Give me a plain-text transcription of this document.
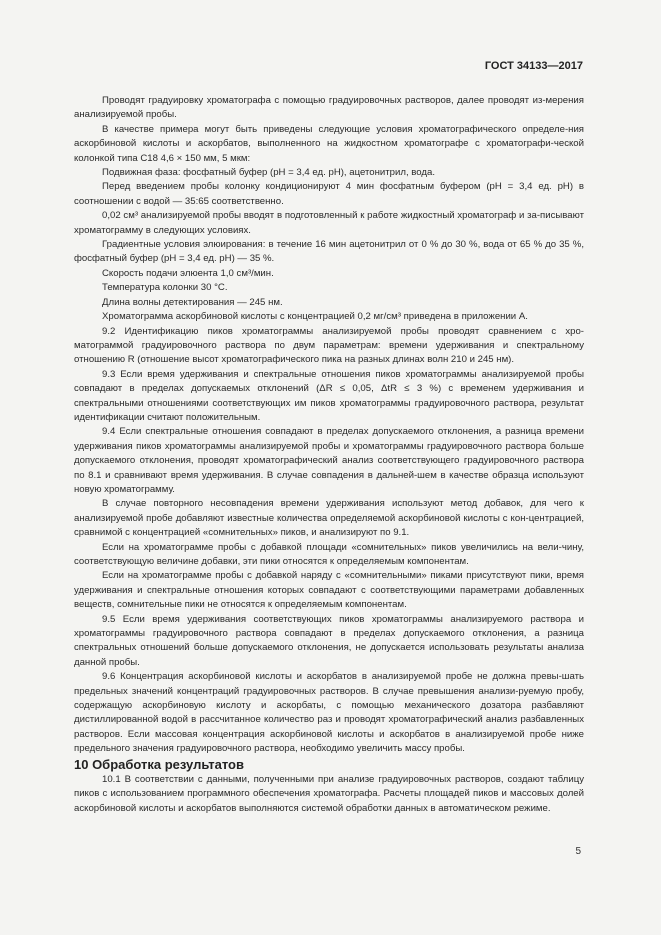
ГОСТ 34133—2017

Проводят градуировку хроматографа с помощью градуировочных растворов, далее проводят из-мерения анализируемой пробы.

В качестве примера могут быть приведены следующие условия хроматографического определе-ния аскорбиновой кислоты и аскорбатов, выполненного на жидкостном хроматографе с хроматографи-ческой колонкой типа C18 4,6 × 150 мм, 5 мкм:

Подвижная фаза: фосфатный буфер (pH = 3,4 ед. pH), ацетонитрил, вода.

Перед введением пробы колонку кондиционируют 4 мин фосфатным буфером (pH = 3,4 ед. pH) в соотношении с водой — 35:65 соответственно.

0,02 см³ анализируемой пробы вводят в подготовленный к работе жидкостный хроматограф и за-писывают хроматограмму в следующих условиях.

Градиентные условия элюирования: в течение 16 мин ацетонитрил от 0 % до 30 %, вода от 65 % до 35 %, фосфатный буфер (pH = 3,4 ед. pH) — 35 %.

Скорость подачи элюента 1,0 см³/мин.

Температура колонки 30 °С.

Длина волны детектирования — 245 нм.

Хроматограмма аскорбиновой кислоты с концентрацией 0,2 мг/см³ приведена в приложении А.

9.2 Идентификацию пиков хроматограммы анализируемой пробы проводят сравнением с хро-матограммой градуировочного раствора по двум параметрам: времени удерживания и спектральному отношению R (отношение высот хроматографического пика на разных длинах волн 210 и 245 нм).

9.3 Если время удерживания и спектральные отношения пиков хроматограммы анализируемой пробы совпадают в пределах допускаемых отклонений (ΔR ≤ 0,05, ΔtR ≤ 3 %) с временем удерживания и спектральными отношениями соответствующих им пиков хроматограммы градуировочного раствора, результат идентификации считают положительным.

9.4 Если спектральные отношения совпадают в пределах допускаемого отклонения, а разница времени удерживания пиков хроматограммы анализируемой пробы и хроматограммы градуировочного раствора больше допускаемого отклонения, проводят хроматографический анализ соответствующего градуировочного раствора по 8.1 и сравнивают время удерживания. В случае совпадения в дальней-шем в качестве образца используют новую хроматограмму.

В случае повторного несовпадения времени удерживания используют метод добавок, для чего к анализируемой пробе добавляют известные количества определяемой аскорбиновой кислоты с кон-центрацией, сравнимой с концентрацией «сомнительных» пиков, и анализируют по 9.1.

Если на хроматограмме пробы с добавкой площади «сомнительных» пиков увеличились на вели-чину, соответствующую величине добавки, эти пики относятся к определяемым компонентам.

Если на хроматограмме пробы с добавкой наряду с «сомнительными» пиками присутствуют пики, время удерживания и спектральные отношения которых совпадают с соответствующими параметрами добавленных веществ, сомнительные пики не относятся к определяемым компонентам.

9.5 Если время удерживания соответствующих пиков хроматограммы анализируемого раствора и хроматограммы градуировочного раствора совпадают в пределах допускаемого отклонения, а разница спектральных отношений больше допускаемого отклонения, не допускается использовать результаты анализа данной пробы.

9.6 Концентрация аскорбиновой кислоты и аскорбатов в анализируемой пробе не должна превы-шать предельных значений концентраций градуировочных растворов. В случае превышения анализи-руемую пробу, содержащую аскорбиновую кислоту и аскорбаты, с помощью механического дозатора разбавляют дистиллированной водой в рассчитанное количество раз и проводят хроматографический анализ разбавленных растворов. Если массовая концентрация аскорбиновой кислоты и аскорбатов в анализируемой пробе ниже предельного значения градуировочного раствора, необходимо увеличить массу пробы.

10 Обработка результатов

10.1 В соответствии с данными, полученными при анализе градуировочных растворов, создают таблицу пиков с использованием программного обеспечения хроматографа. Расчеты площадей пиков и массовых долей аскорбиновой кислоты и аскорбатов выполняются системой обработки данных в автоматическом режиме.

5
